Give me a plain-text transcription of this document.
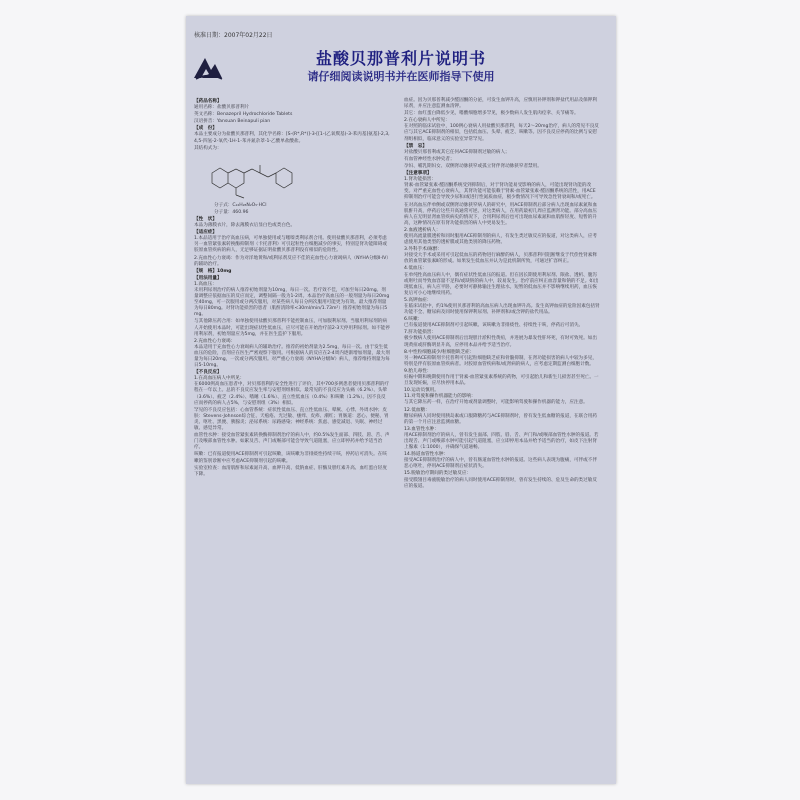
核准日期：2007年02月22日
盐酸贝那普利片说明书
请仔细阅读说明书并在医师指导下使用
【药品名称】
通用名称：盐酸贝那普利片
英文名称：Benazepril Hydrochloride Tablets
汉语拼音：Yansuan Beinapuli pian
【成　份】
本品主要成分为盐酸贝那普利，其化学名称：[S-(R*,R*)]-3-[[1-(乙氧羰基)-3-苯丙基]氨基]-2,3,4,5-四氢-2-氧代-1H-1-苯并氮杂䓬-1-乙酸单盐酸盐。
其结构式为：
分子式：C₂₄H₂₈N₂O₅·HCl
分子量：460.96
【性　状】
本品为薄膜衣片，除去薄膜衣后显白色或类白色。
【适应症】
1.本品适用于治疗高血压病，可单独使用或与噻嗪类利尿剂合用。使用盐酸贝那普利，必须考虑另一血管紧张素转换酶抑制剂（卡托普利）可引起粒性白细胞减少的事实，特别是肾功能障碍或胶原血管疾病的病人，无足够证据证明盐酸贝那普利没有相似的危险性。
2.充血性心力衰竭：作为对洋地黄和/或利尿剂反应不佳的充血性心力衰竭病人（NYHA分级Ⅱ-Ⅳ）的辅助治疗。
【规　格】10mg
【用法用量】
1.高血压：
未用利尿剂治疗的病人推荐初始剂量为10mg，每日一次。若疗效不佳，可加至每日20mg。剂量调整应依据血压的反应而定，调整间隔一般为1-2周。本品治疗高血压的一般剂量为每日20mg至40mg，可一次服用或分两次服用，对某些病人每日分两次服用可能更为有效。最大推荐剂量为每日80mg。对肾功能损害的患者（肌酐清除率<30ml/min/1.73m²）推荐初始剂量为每日5mg。
与其他降压药合用：如单独使用盐酸贝那普利不能控制血压，可加服利尿剂。当服用利尿剂的病人开始使用本品时，可能出现症状性低血压，应尽可能在开始治疗前2-3天停用利尿剂。如不能停用利尿剂，初始剂量应为5mg，并在医生监护下服用。
2.充血性心力衰竭：
本品适用于充血性心力衰竭病人的辅助治疗。推荐的初始剂量为2.5mg，每日一次。由于发生低血压的危险，首剂应在医生严密观察下服用。可根据病人的反应在2-4周内逐渐增加剂量，最大剂量为每日20mg，一次或分两次服用。对严重心力衰竭（NYHA分级Ⅳ）病人，推荐维持剂量为每日5-10mg。
【不良反应】
1.在高血压病人中所见：
在6000例高血压患者中，对贝那普利的安全性进行了评价，其中700多例患者使用贝那普利的疗程在一年以上。总的不良反应发生率与安慰剂组相似。最常见的不良反应为头痛（6.2%）、头晕（3.6%）、疲乏（2.4%）、嗜睡（1.6%）、直立性低血压（0.4%）和咳嗽（1.2%）。因不良反应而停药的病人占5%，与安慰剂组（3%）相似。
罕见的不良反应包括：心血管系统：症状性低血压、直立性低血压、晕厥、心悸、外周水肿；皮肤：Stevens-Johnson综合征、天疱疮、光过敏、瘙痒、皮疹、潮红；胃肠道：恶心、便秘、胃炎、呕吐、黑便、胰腺炎；泌尿系统：尿路感染；神经系统：焦虑、感觉减退、失眠、神经过敏、感觉异常。
血管性水肿：接受血管紧张素转换酶抑制剂治疗的病人中，约0.5%发生面部、四肢、唇、舌、声门及喉部血管性水肿。如累及舌、声门或喉部可能会导致气道阻塞，应立即停药并给予适当治疗。
咳嗽：已有报道使用ACE抑制剂可引起咳嗽，该咳嗽为非排痰性持续干咳，停药后可消失。在咳嗽的鉴别诊断中应考虑ACE抑制剂引起的咳嗽。
实验室检查：血清肌酐和尿素氮升高、血钾升高、低钠血症、肝酶及胆红素升高、血红蛋白轻度下降。
血症。因为贝那普利减少醛固酮的分泌，可发生血钾升高，应慎用补钾剂和钾盐代用品及保钾利尿剂，并应注意监测血清钾。
其它：血红蛋白降低少见，嗜酸细胞增多罕见，极少数病人发生肌肉痉挛、关节痛等。
2.在心衰病人中所见：
在对照的临床试验中，100例心衰病人用盐酸贝那普利，每天2～20mg治疗，病人的常见不良反应与其它ACE抑制剂的相似，包括低血压、头晕、疲乏、咳嗽等。因不良反应停药的比例与安慰剂组相似，临床意义的实验室异常罕见。
【禁　忌】
对盐酸贝那普利或其它任何ACE抑制剂过敏的病人；
有血管神经性水肿史者；
孕妇、哺乳期妇女、双侧肾动脉狭窄或孤立肾伴肾动脉狭窄者禁用。
【注意事项】
1.肾功能损害：
肾素-血管紧张素-醛固酮系统受到抑制后，对于肾功能易受影响的病人，可能出现肾功能的改变。对严重充血性心衰病人，其肾功能可能依赖于肾素-血管紧张素-醛固酮系统的活性，用ACE抑制剂治疗可能会导致少尿和/或进行性氮质血症，极少数情况下可导致急性肾衰竭和/或死亡。
在对高血压伴单侧或双侧肾动脉狭窄病人的研究中，用ACE抑制剂后部分病人出现血尿素氮和血肌酐升高，停药后这些升高通常可逆。对这类病人，在用药最初几周应监测肾功能。部分高血压病人在无明显肾血管疾病史的情况下，合用利尿剂后也可出现血尿素氮和血肌酐轻度、短暂的升高，这种情况在原有肾功能损害的病人中更易发生。
2.血液透析病人：
使用高流量膜透析和同时服用ACE抑制剂的病人，有发生类过敏反应的报道，对这类病人，应考虑使用其他类型的透析膜或其他类别的降压药物。
3.外科手术/麻醉：
对接受大手术或采用可引起低血压的药物进行麻醉的病人，贝那普利可阻断继发于代偿性肾素释放的血管紧张素Ⅱ的形成。如果发生低血压并认为是此机制所致，可通过扩容纠正。
4.低血压：
在单纯性高血压病人中，偶有症状性低血压的报道。但在因长期使用利尿剂、限盐、透析、腹泻或呕吐而导致血容量不足和/或缺钠的病人中，较易发生。治疗前应纠正血容量和钠的不足。如出现低血压，病人应平卧，必要时可静脉输注生理盐水。短暂的低血压并不影响继续用药，血压恢复后可小心地继续用药。
5.高钾血症：
在临床试验中，约1%使用贝那普利的高血压病人出现血钾升高。发生高钾血症的危险因素包括肾功能不全、糖尿病及同时使用保钾利尿剂、补钾剂和/或含钾的盐代用品。
6.咳嗽：
已有报道使用ACE抑制剂可引起咳嗽。该咳嗽为非排痰性、持续性干咳，停药后可消失。
7.肝功能损害：
极少数病人使用ACE抑制剂后出现胆汁淤积性黄疸，并进展为暴发性肝坏死，有时可致死。如出现黄疸或肝酶明显升高，应停用本品并给予适当治疗。
8.中性粒细胞减少/粒细胞缺乏症：
另一种ACE抑制剂卡托普利可引起粒细胞缺乏症和骨髓抑制，在肾功能损害的病人中较为多见，特别是伴有胶原血管疾病者。对胶原血管疾病和/或肾病的病人，应考虑定期监测白细胞计数。
9.胎儿毒性：
妊娠中期和晚期使用作用于肾素-血管紧张素系统的药物，可引起胎儿和新生儿损害甚至死亡。一旦发现妊娠，应尽快停用本品。
10.运动员慎用。
11.对驾驶和操作机器能力的影响：
与其它降压药一样，在治疗开始或剂量调整时，可能影响驾驶和操作机器的能力，应注意。
12.低血糖：
糖尿病病人同时使用胰岛素或口服降糖药与ACE抑制剂时，曾有发生低血糖的报道，在联合用药的第一个月应注意监测血糖。
13.血管性水肿：
用ACE抑制剂治疗的病人，曾有发生面部、四肢、唇、舌、声门和/或喉部血管性水肿的报道。若出现舌、声门或喉部水肿可能引起气道阻塞，应立即停用本品并给予适当的治疗，如皮下注射肾上腺素（1:1000），并确保气道通畅。
14.肠道血管性水肿：
接受ACE抑制剂治疗的病人中，曾有肠道血管性水肿的报道。这些病人表现为腹痛，可伴或不伴恶心呕吐，停用ACE抑制剂后症状消失。
15.脱敏治疗期间的类过敏反应：
接受膜翅目毒液脱敏治疗的病人同时使用ACE抑制剂时，曾有发生持续的、危及生命的类过敏反应的报道。
